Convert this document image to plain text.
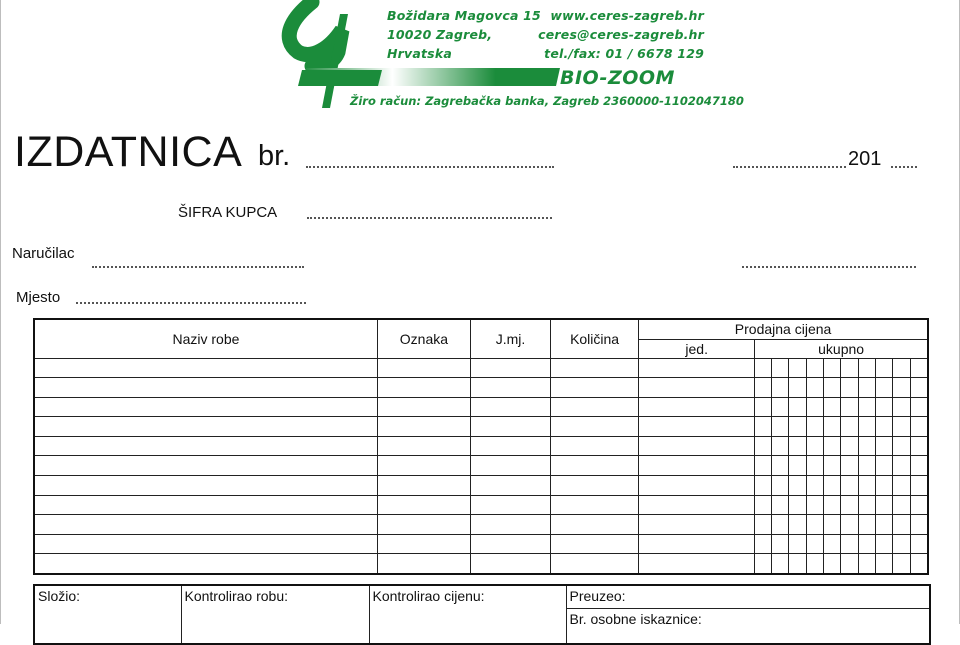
Božidara Magovca 15
10020 Zagreb,
Hrvatska
www.ceres-zagreb.hr
ceres@ceres-zagreb.hr
tel./fax: 01 / 6678 129
BIO-ZOOM
Žiro račun: Zagrebačka banka, Zagreb 2360000-1102047180
IZDATNICA br.	201
ŠIFRA KUPCA
Naručilac
Mjesto
Naziv robe	Oznaka	J.mj.	Količina	Prodajna cijena										
				jed.	ukupno									

Složio:	Kontrolirao robu:	Kontrolirao cijenu:	Preuzeo:
Br. osobne iskaznice:
